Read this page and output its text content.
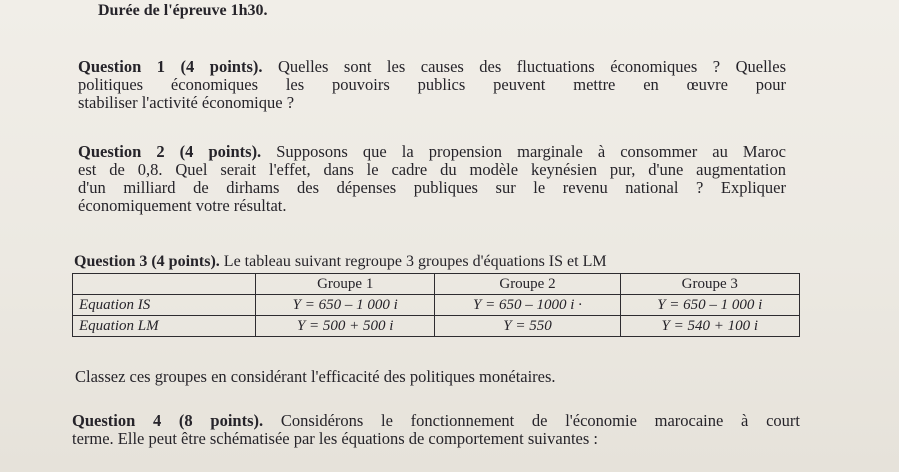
Durée de l'épreuve 1h30.
Question 1 (4 points). Quelles sont les causes des fluctuations économiques ? Quelles
politiques économiques les pouvoirs publics peuvent mettre en œuvre pour
stabiliser l'activité économique ?
Question 2 (4 points). Supposons que la propension marginale à consommer au Maroc
est de 0,8. Quel serait l'effet, dans le cadre du modèle keynésien pur, d'une augmentation
d'un milliard de dirhams des dépenses publiques sur le revenu national ? Expliquer
économiquement votre résultat.
Question 3 (4 points). Le tableau suivant regroupe 3 groupes d'équations IS et LM
	Groupe 1	Groupe 2	Groupe 3
Equation IS	Y = 650 – 1 000 i	Y = 650 – 1000 i ·	Y = 650 – 1 000 i
Equation LM	Y = 500 + 500 i	Y = 550	Y = 540 + 100 i
Classez ces groupes en considérant l'efficacité des politiques monétaires.
Question 4 (8 points). Considérons le fonctionnement de l'économie marocaine à court
terme. Elle peut être schématisée par les équations de comportement suivantes :
